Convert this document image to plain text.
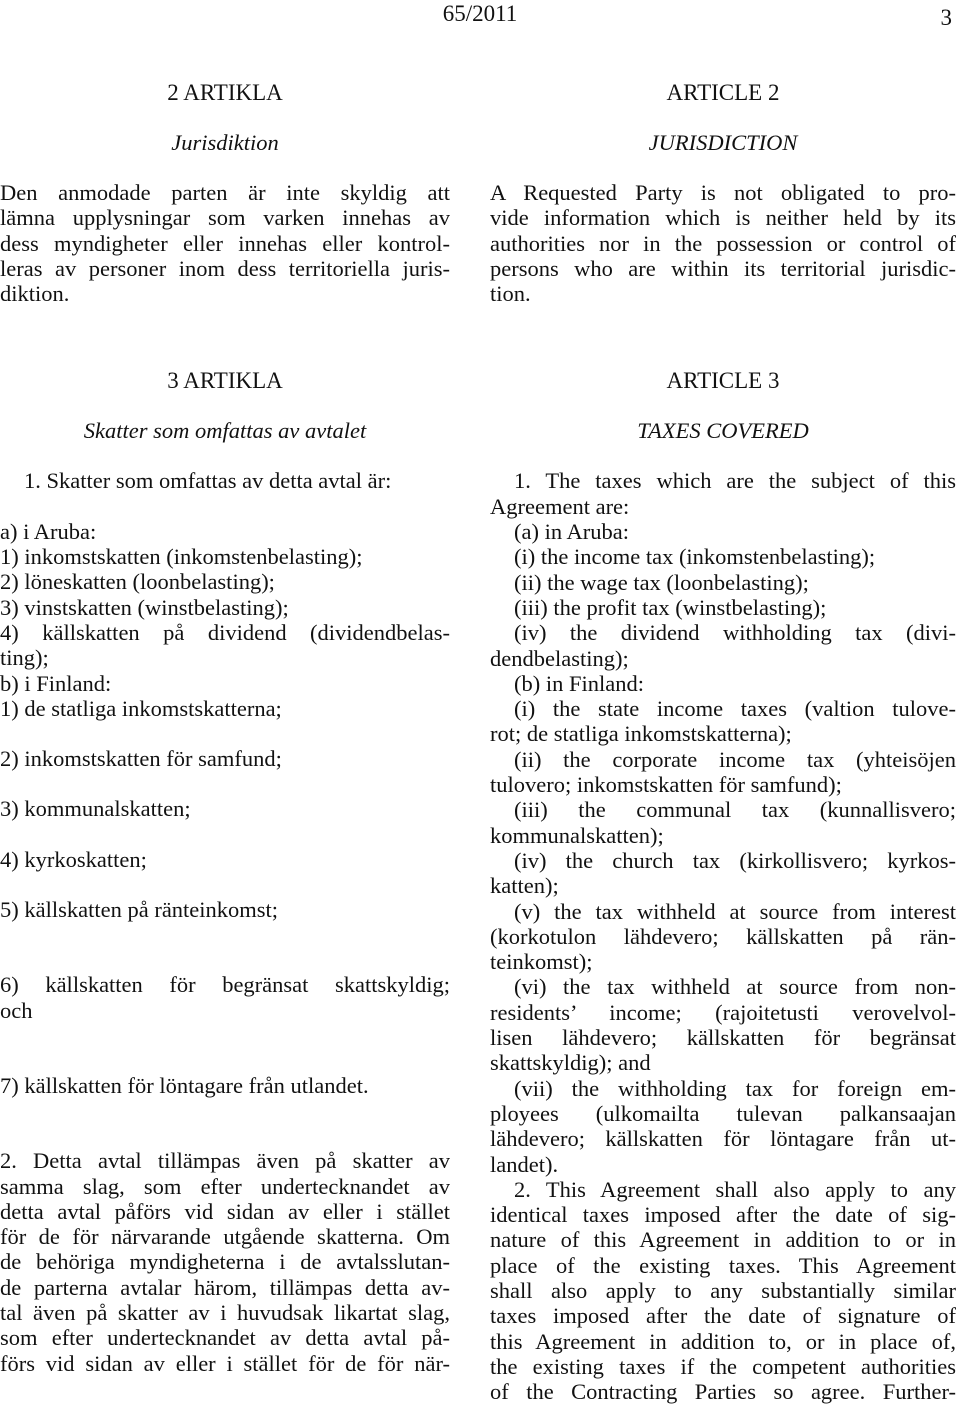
65/2011	3
2 ARTIKLA
Jurisdiktion
Den anmodade parten är inte skyldig att
lämna upplysningar som varken innehas av
dess myndigheter eller innehas eller kontrol-
leras av personer inom dess territoriella juris-
diktion.
3 ARTIKLA
Skatter som omfattas av avtalet
1. Skatter som omfattas av detta avtal är:
a) i Aruba:
1) inkomstskatten (inkomstenbelasting);
2) löneskatten (loonbelasting);
3) vinstskatten (winstbelasting);
4) källskatten på dividend (dividendbelas-
ting);
b) i Finland:
1) de statliga inkomstskatterna;
2) inkomstskatten för samfund;
3) kommunalskatten;
4) kyrkoskatten;
5) källskatten på ränteinkomst;
6) källskatten för begränsat skattskyldig;
och
7) källskatten för löntagare från utlandet.
2. Detta avtal tillämpas även på skatter av
samma slag, som efter undertecknandet av
detta avtal påförs vid sidan av eller i stället
för de för närvarande utgående skatterna. Om
de behöriga myndigheterna i de avtalsslutan-
de parterna avtalar härom, tillämpas detta av-
tal även på skatter av i huvudsak likartat slag,
som efter undertecknandet av detta avtal på-
förs vid sidan av eller i stället för de för när-
ARTICLE 2
JURISDICTION
A Requested Party is not obligated to pro-
vide information which is neither held by its
authorities nor in the possession or control of
persons who are within its territorial jurisdic-
tion.
ARTICLE 3
TAXES COVERED
1. The taxes which are the subject of this
Agreement are:
(a) in Aruba:
(i) the income tax (inkomstenbelasting);
(ii) the wage tax (loonbelasting);
(iii) the profit tax (winstbelasting);
(iv) the dividend withholding tax (divi-
dendbelasting);
(b) in Finland:
(i) the state income taxes (valtion tulove-
rot; de statliga inkomstskatterna);
(ii) the corporate income tax (yhteisöjen
tulovero; inkomstskatten för samfund);
(iii) the communal tax (kunnallisvero;
kommunalskatten);
(iv) the church tax (kirkollisvero; kyrkos-
katten);
(v) the tax withheld at source from interest
(korkotulon lähdevero; källskatten på rän-
teinkomst);
(vi) the tax withheld at source from non-
residents’ income; (rajoitetusti verovelvol-
lisen lähdevero; källskatten för begränsat
skattskyldig); and
(vii) the withholding tax for foreign em-
ployees (ulkomailta tulevan palkansaajan
lähdevero; källskatten för löntagare från ut-
landet).
2. This Agreement shall also apply to any
identical taxes imposed after the date of sig-
nature of this Agreement in addition to or in
place of the existing taxes. This Agreement
shall also apply to any substantially similar
taxes imposed after the date of signature of
this Agreement in addition to, or in place of,
the existing taxes if the competent authorities
of the Contracting Parties so agree. Further-
